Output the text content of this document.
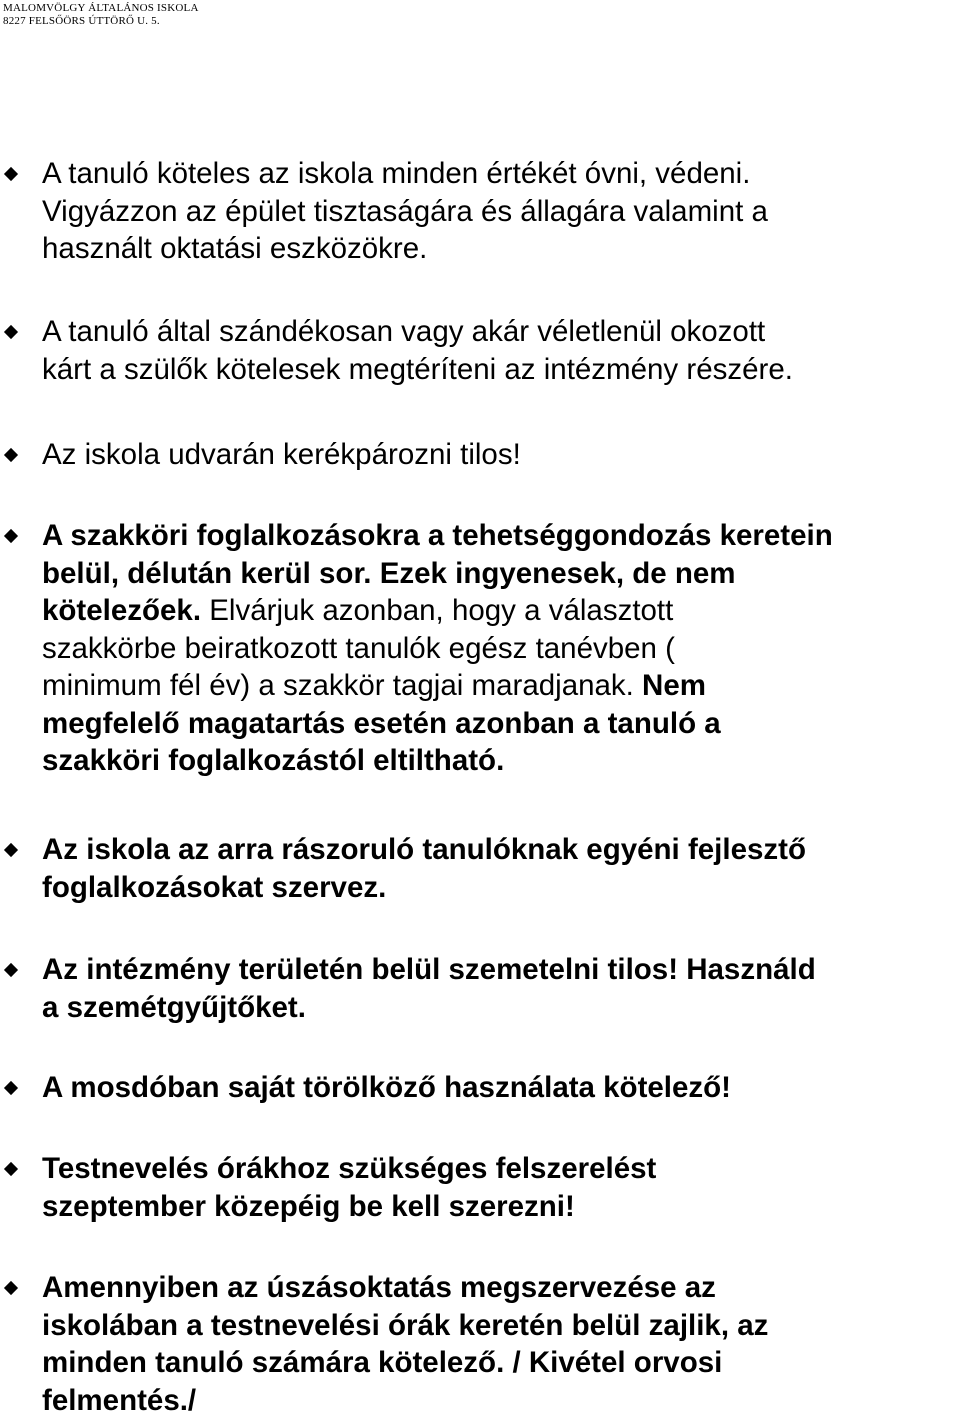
MALOMVÖLGY ÁLTALÁNOS ISKOLA
8227 FELSŐÖRS ÚTTÖRŐ U. 5.
A tanuló köteles az iskola minden értékét óvni, védeni.
Vigyázzon az épület tisztaságára és állagára valamint a
használt oktatási eszközökre.
A tanuló által szándékosan vagy akár véletlenül okozott
kárt a szülők kötelesek megtéríteni az intézmény részére.
Az iskola udvarán kerékpározni tilos!
A szakköri foglalkozásokra a tehetséggondozás keretein
belül, délután kerül sor. Ezek ingyenesek, de nem
kötelezőek. Elvárjuk azonban, hogy a választott
szakkörbe beiratkozott tanulók egész tanévben (
minimum fél év) a szakkör tagjai maradjanak. Nem
megfelelő magatartás esetén azonban a tanuló a
szakköri foglalkozástól eltiltható.
Az iskola az arra rászoruló tanulóknak egyéni fejlesztő
foglalkozásokat szervez.
Az intézmény területén belül szemetelni tilos! Használd
a szemétgyűjtőket.
A mosdóban saját törölköző használata kötelező!
Testnevelés órákhoz szükséges felszerelést
szeptember közepéig be kell szerezni!
Amennyiben az úszásoktatás megszervezése az
iskolában a testnevelési órák keretén belül zajlik, az
minden tanuló számára kötelező. / Kivétel orvosi
felmentés./
